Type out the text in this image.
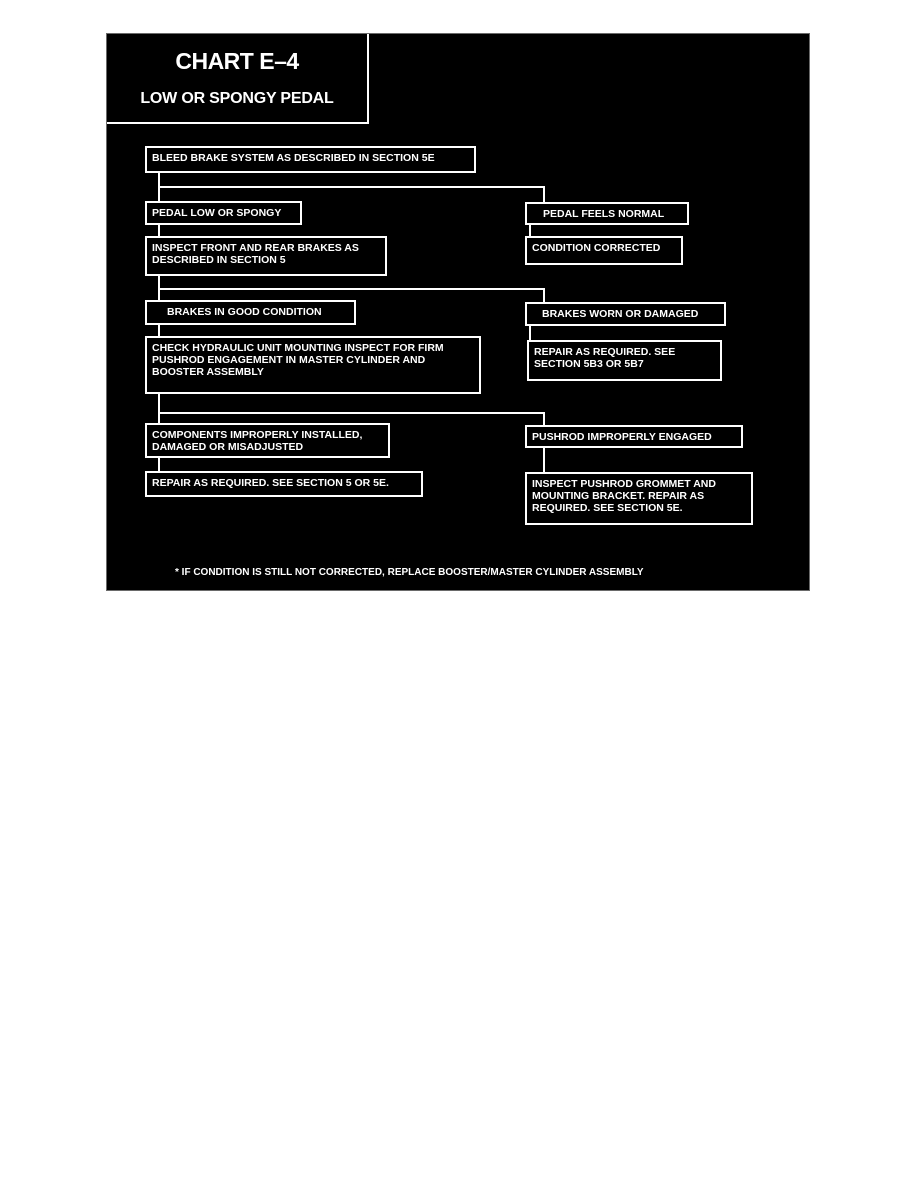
CHART E–4
LOW OR SPONGY PEDAL
BLEED BRAKE SYSTEM AS DESCRIBED IN SECTION 5E
PEDAL LOW OR SPONGY	PEDAL FEELS NORMAL
INSPECT FRONT AND REAR BRAKES AS
DESCRIBED IN SECTION 5
CONDITION CORRECTED
BRAKES IN GOOD CONDITION	BRAKES WORN OR DAMAGED
CHECK HYDRAULIC UNIT MOUNTING INSPECT FOR FIRM
PUSHROD ENGAGEMENT IN MASTER CYLINDER AND
BOOSTER ASSEMBLY
REPAIR AS REQUIRED. SEE
SECTION 5B3 OR 5B7
COMPONENTS IMPROPERLY INSTALLED,
DAMAGED OR MISADJUSTED
PUSHROD IMPROPERLY ENGAGED
REPAIR AS REQUIRED. SEE SECTION 5 OR 5E.	INSPECT PUSHROD GROMMET AND
MOUNTING BRACKET. REPAIR AS
REQUIRED. SEE SECTION 5E.
* IF CONDITION IS STILL NOT CORRECTED, REPLACE BOOSTER/MASTER CYLINDER ASSEMBLY
